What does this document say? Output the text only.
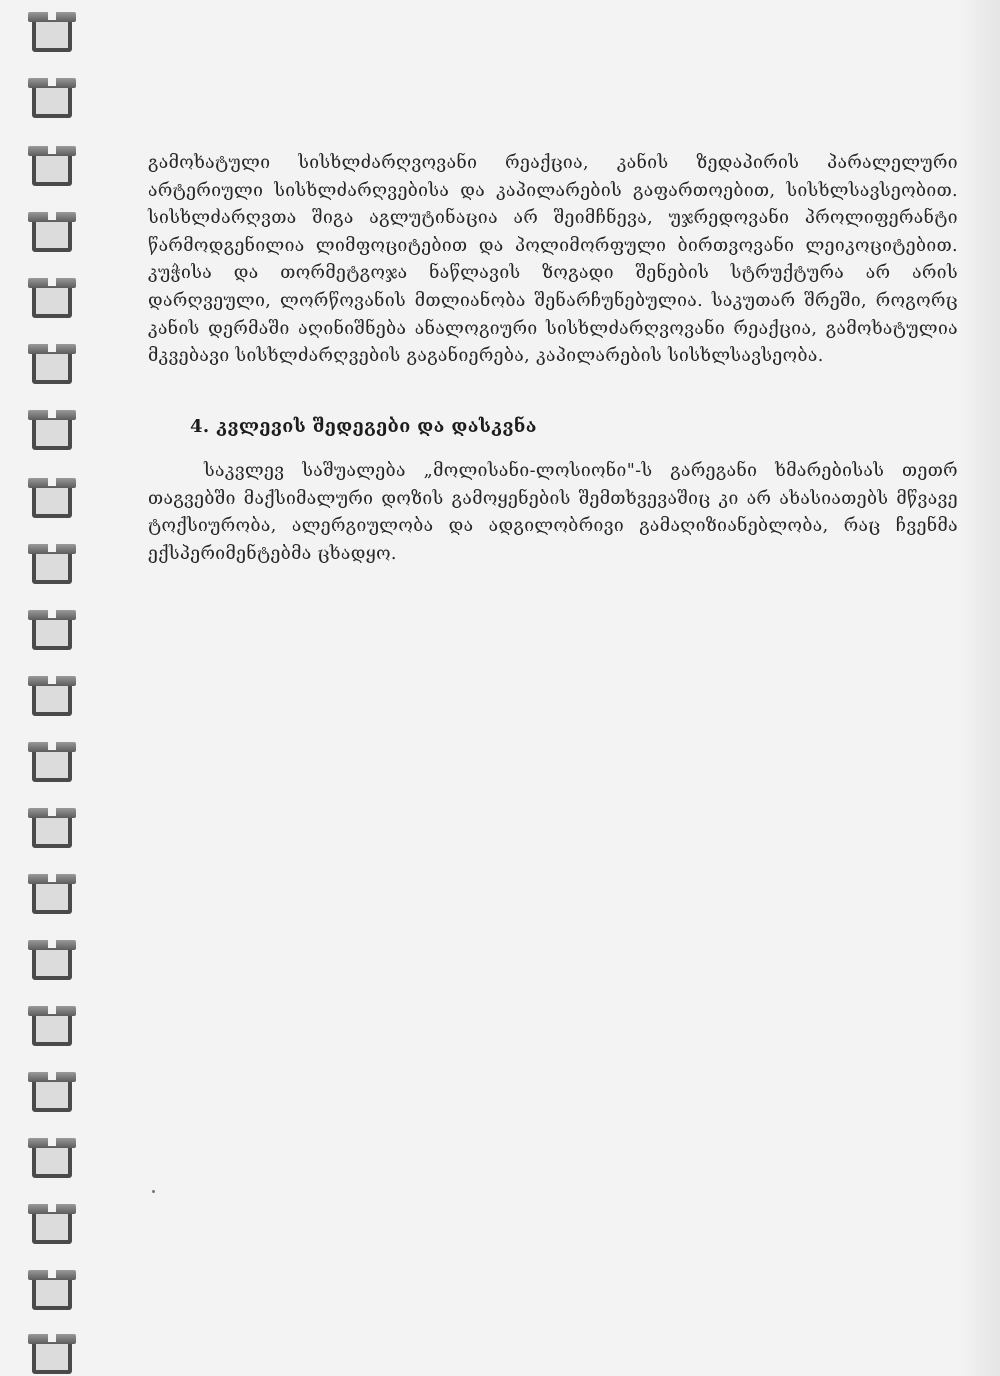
გამოხატული სისხლძარღვოვანი რეაქცია, კანის ზედაპირის პარალელური არტერიული სისხლძარღვებისა და კაპილარების გაფართოებით, სისხლსავსეობით. სისხლძარღვთა შიგა აგლუტინაცია არ შეიმჩნევა, უჯრედოვანი პროლიფერანტი წარმოდგენილია ლიმფოციტებით და პოლიმორფული ბირთვოვანი ლეიკოციტებით. კუჭისა და თორმეტგოჯა ნაწლავის ზოგადი შენების სტრუქტურა არ არის დარღვეული, ლორწოვანის მთლიანობა შენარჩუნებულია. საკუთარ შრეში, როგორც კანის დერმაში აღინიშნება ანალოგიური სისხლძარღვოვანი რეაქცია, გამოხატულია მკვებავი სისხლძარღვების გაგანიერება, კაპილარების სისხლსავსეობა.

4. კვლევის შედეგები და დასკვნა

საკვლევ საშუალება „მოლისანი-ლოსიონი"-ს გარეგანი ხმარებისას თეთრ თაგვებში მაქსიმალური დოზის გამოყენების შემთხვევაშიც კი არ ახასიათებს მწვავე ტოქსიურობა, ალერგიულობა და ადგილობრივი გამაღიზიანებლობა, რაც ჩვენმა ექსპერიმენტებმა ცხადყო.
